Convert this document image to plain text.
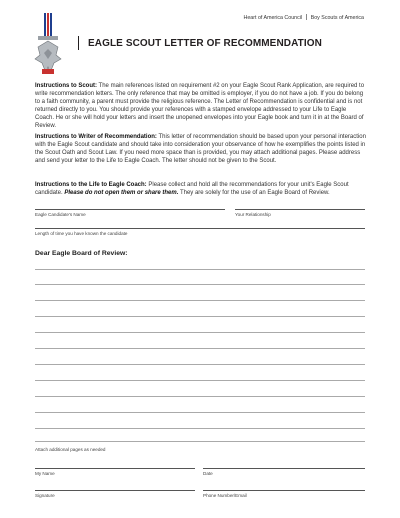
Heart of America Council Boy Scouts of America
EAGLE SCOUT LETTER OF RECOMMENDATION
Instructions to Scout: The main references listed on requirement #2 on your Eagle Scout Rank Application, are required to write recommendation letters. The only reference that may be omitted is employer, if you do not have a job. If you do belong to a faith community, a parent must provide the religious reference. The Letter of Recommendation is confidential and is not returned directly to you. You should provide your references with a stamped envelope addressed to your Life to Eagle Coach. He or she will hold your letters and insert the unopened envelopes into your Eagle book and turn it in at the Board of Review.
Instructions to Writer of Recommendation: This letter of recommendation should be based upon your personal interaction with the Eagle Scout candidate and should take into consideration your observance of how he exemplifies the points listed in the Scout Oath and Scout Law. If you need more space than is provided, you may attach additional pages. Please address and send your letter to the Life to Eagle Coach. The letter should not be given to the Scout.
Instructions to the Life to Eagle Coach: Please collect and hold all the recommendations for your unit's Eagle Scout candidate. Please do not open them or share them. They are solely for the use of an Eagle Board of Review.
Eagle Candidate's Name	Your Relationship
Length of time you have known the candidate
Dear Eagle Board of Review:
Attach additional pages as needed
My Name	Date
Signature	Phone Number/Email
